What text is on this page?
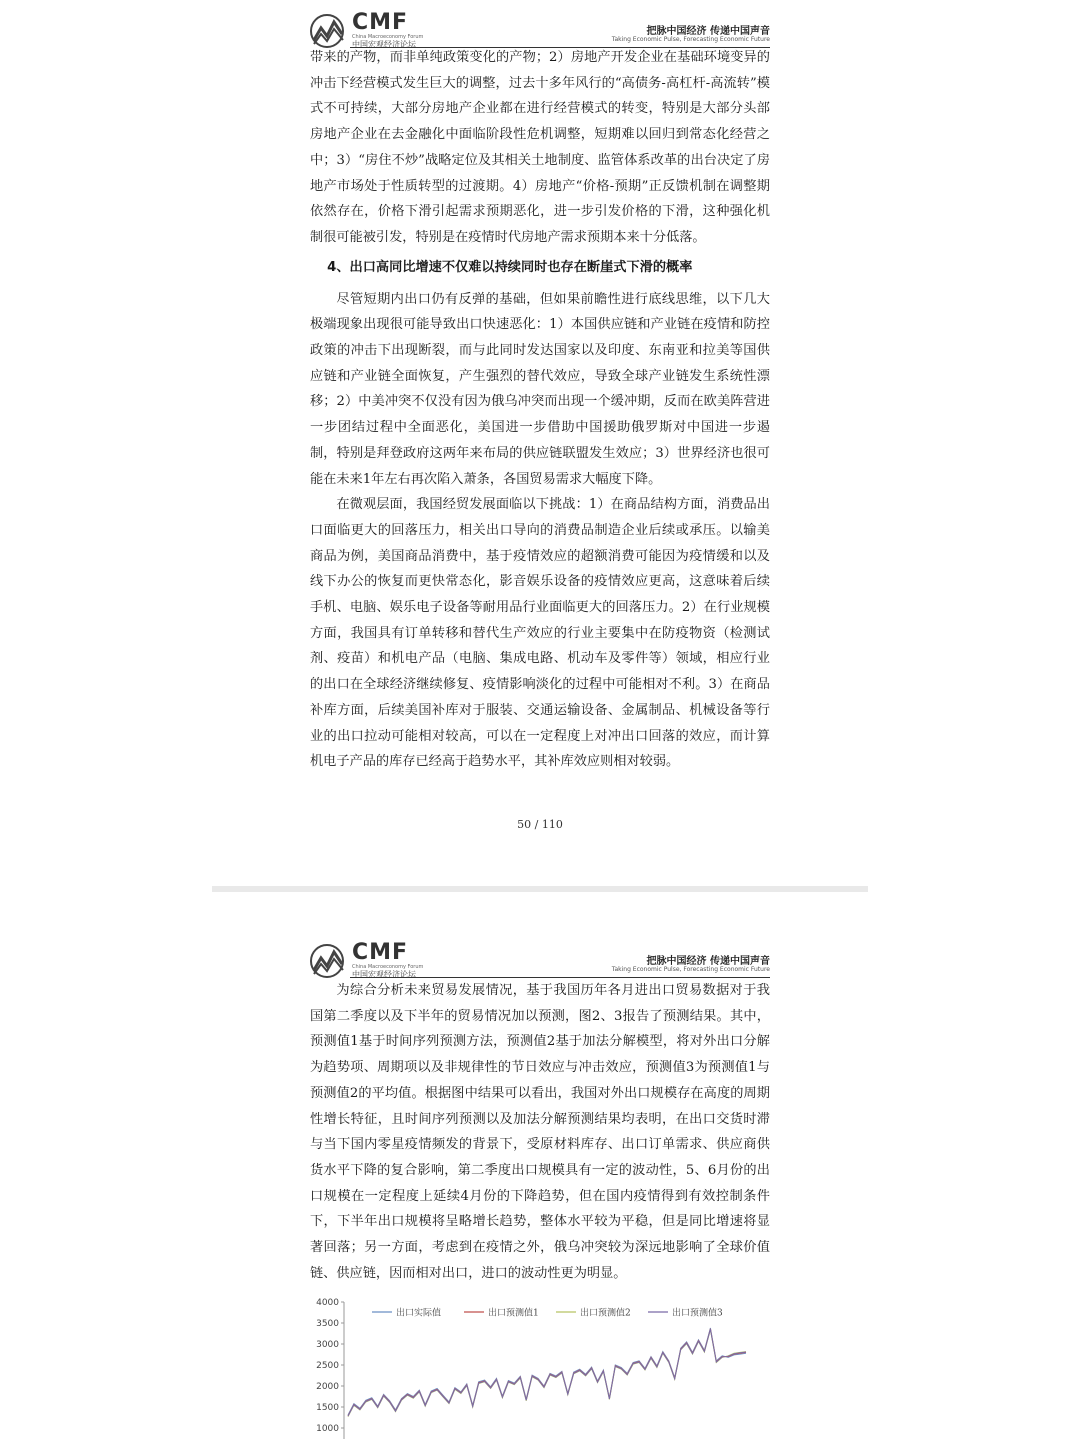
CMF
China Macroeconomy Forum
中国宏观经济论坛
把脉中国经济 传递中国声音
Taking Economic Pulse, Forecasting Economic Future

带来的产物，而非单纯政策变化的产物；2）房地产开发企业在基础环境变异的冲击下经营模式发生巨大的调整，过去十多年风行的“高债务-高杠杆-高流转”模式不可持续，大部分房地产企业都在进行经营模式的转变，特别是大部分头部房地产企业在去金融化中面临阶段性危机调整，短期难以回归到常态化经营之中；3）“房住不炒”战略定位及其相关土地制度、监管体系改革的出台决定了房地产市场处于性质转型的过渡期。4）房地产“价格-预期”正反馈机制在调整期依然存在，价格下滑引起需求预期恶化，进一步引发价格的下滑，这种强化机制很可能被引发，特别是在疫情时代房地产需求预期本来十分低落。

4、出口高同比增速不仅难以持续同时也存在断崖式下滑的概率

尽管短期内出口仍有反弹的基础，但如果前瞻性进行底线思维，以下几大极端现象出现很可能导致出口快速恶化：1）本国供应链和产业链在疫情和防控政策的冲击下出现断裂，而与此同时发达国家以及印度、东南亚和拉美等国供应链和产业链全面恢复，产生强烈的替代效应，导致全球产业链发生系统性漂移；2）中美冲突不仅没有因为俄乌冲突而出现一个缓冲期，反而在欧美阵营进一步团结过程中全面恶化，美国进一步借助中国援助俄罗斯对中国进一步遏制，特别是拜登政府这两年来布局的供应链联盟发生效应；3）世界经济也很可能在未来1年左右再次陷入萧条，各国贸易需求大幅度下降。

在微观层面，我国经贸发展面临以下挑战：1）在商品结构方面，消费品出口面临更大的回落压力，相关出口导向的消费品制造企业后续或承压。以输美商品为例，美国商品消费中，基于疫情效应的超额消费可能因为疫情缓和以及线下办公的恢复而更快常态化，影音娱乐设备的疫情效应更高，这意味着后续手机、电脑、娱乐电子设备等耐用品行业面临更大的回落压力。2）在行业规模方面，我国具有订单转移和替代生产效应的行业主要集中在防疫物资（检测试剂、疫苗）和机电产品（电脑、集成电路、机动车及零件等）领域，相应行业的出口在全球经济继续修复、疫情影响淡化的过程中可能相对不利。3）在商品补库方面，后续美国补库对于服装、交通运输设备、金属制品、机械设备等行业的出口拉动可能相对较高，可以在一定程度上对冲出口回落的效应，而计算机电子产品的库存已经高于趋势水平，其补库效应则相对较弱。

50 / 110
CMF
China Macroeconomy Forum
中国宏观经济论坛
把脉中国经济 传递中国声音
Taking Economic Pulse, Forecasting Economic Future

为综合分析未来贸易发展情况，基于我国历年各月进出口贸易数据对于我国第二季度以及下半年的贸易情况加以预测，图2、3报告了预测结果。其中，预测值1基于时间序列预测方法，预测值2基于加法分解模型，将对外出口分解为趋势项、周期项以及非规律性的节日效应与冲击效应，预测值3为预测值1与预测值2的平均值。根据图中结果可以看出，我国对外出口规模存在高度的周期性增长特征，且时间序列预测以及加法分解预测结果均表明，在出口交货时滞与当下国内零星疫情频发的背景下，受原材料库存、出口订单需求、供应商供货水平下降的复合影响，第二季度出口规模具有一定的波动性，5、6月份的出口规模在一定程度上延续4月份的下降趋势，但在国内疫情得到有效控制条件下，下半年出口规模将呈略增长趋势，整体水平较为平稳，但是同比增速将显著回落；另一方面，考虑到在疫情之外，俄乌冲突较为深远地影响了全球价值链、供应链，因而相对出口，进口的波动性更为明显。

4000
3500
3000
2500
2000
1500
1000
出口实际值	出口预测值1	出口预测值2	出口预测值3
